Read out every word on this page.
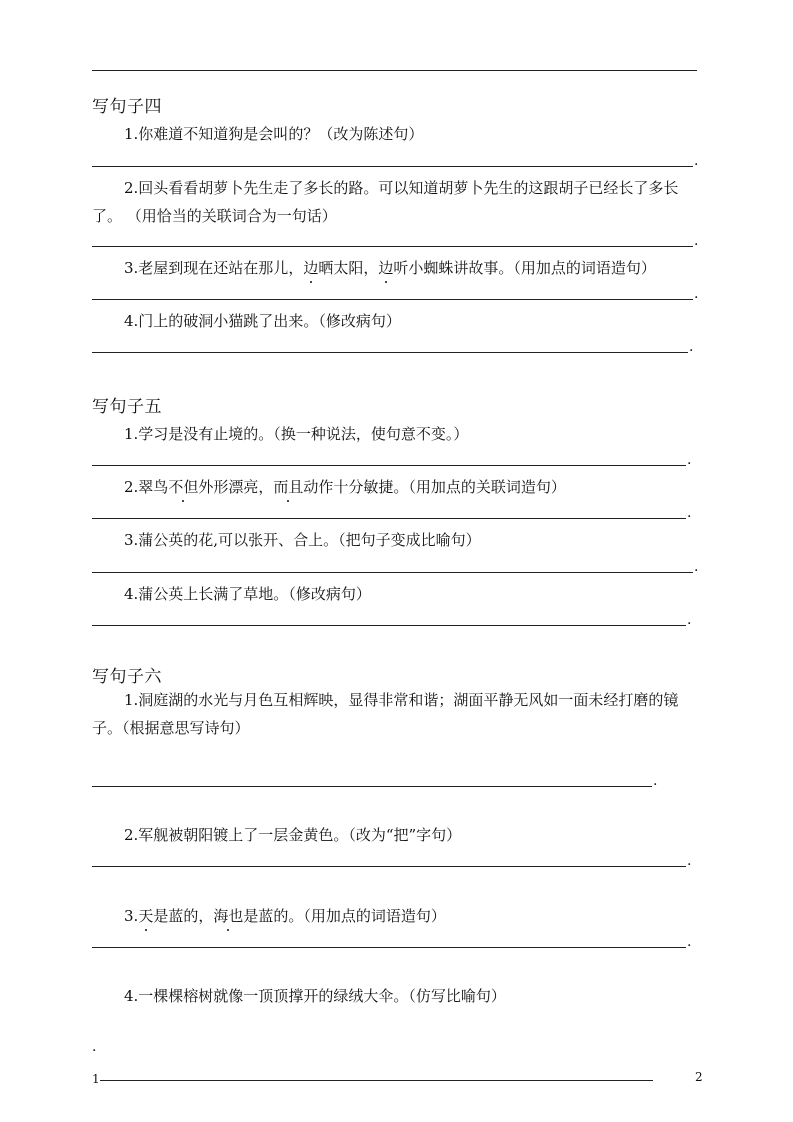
写句子四
1.你难道不知道狗是会叫的？（改为陈述句）
.
2.回头看看胡萝卜先生走了多长的路。可以知道胡萝卜先生的这跟胡子已经长了多长了。 （用恰当的关联词合为一句话）
.
3.老屋到现在还站在那儿，边晒太阳，边听小蜘蛛讲故事。（用加点的词语造句）
.
4.门上的破洞小猫跳了出来。（修改病句）
.
写句子五
1.学习是没有止境的。（换一种说法，使句意不变。）
.
2.翠鸟不但外形漂亮，而且动作十分敏捷。（用加点的关联词造句）
.
3.蒲公英的花,可以张开、合上。（把句子变成比喻句）
.
4.蒲公英上长满了草地。（修改病句）
.
写句子六
1.洞庭湖的水光与月色互相辉映，显得非常和谐；湖面平静无风如一面未经打磨的镜子。（根据意思写诗句）
.
2.军舰被朝阳镀上了一层金黄色。（改为“把”字句）
.
3.天是蓝的，海也是蓝的。（用加点的词语造句）
.
4.一棵棵榕树就像一顶顶撑开的绿绒大伞。（仿写比喻句）
.
1	2
